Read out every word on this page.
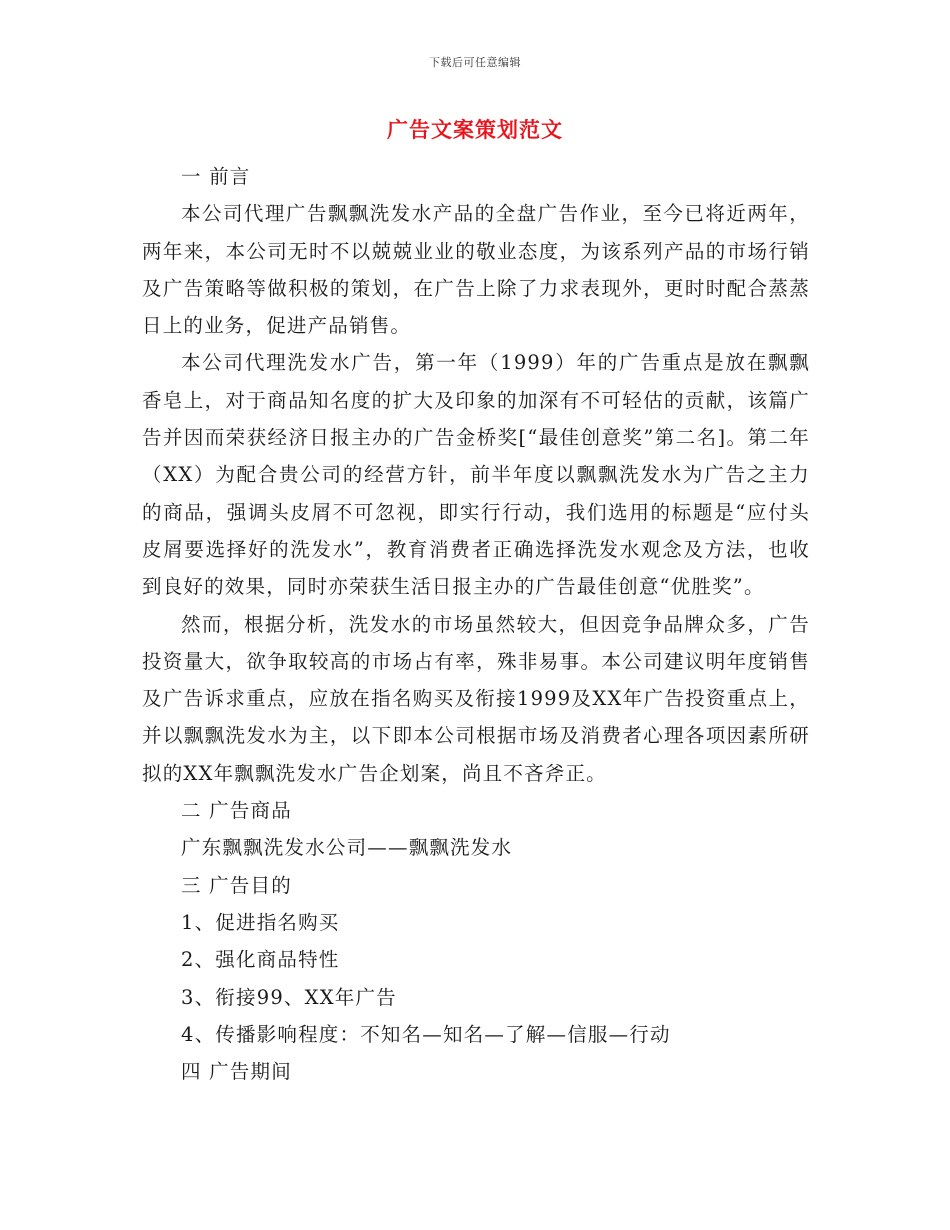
下载后可任意编辑
广告文案策划范文

一 前言

本公司代理广告飘飘洗发水产品的全盘广告作业，至今已将近两年，两年来，本公司无时不以兢兢业业的敬业态度，为该系列产品的市场行销及广告策略等做积极的策划，在广告上除了力求表现外，更时时配合蒸蒸日上的业务，促进产品销售。

本公司代理洗发水广告，第一年（1999）年的广告重点是放在飘飘香皂上，对于商品知名度的扩大及印象的加深有不可轻估的贡献，该篇广告并因而荣获经济日报主办的广告金桥奖[“最佳创意奖”第二名]。第二年（XX）为配合贵公司的经营方针，前半年度以飘飘洗发水为广告之主力的商品，强调头皮屑不可忽视，即实行行动，我们选用的标题是“应付头皮屑要选择好的洗发水”，教育消费者正确选择洗发水观念及方法，也收到良好的效果，同时亦荣获生活日报主办的广告最佳创意“优胜奖”。

然而，根据分析，洗发水的市场虽然较大，但因竞争品牌众多，广告投资量大，欲争取较高的市场占有率，殊非易事。本公司建议明年度销售及广告诉求重点，应放在指名购买及衔接1999及XX年广告投资重点上，并以飘飘洗发水为主，以下即本公司根据市场及消费者心理各项因素所研拟的XX年飘飘洗发水广告企划案，尚且不吝斧正。

二 广告商品

广东飘飘洗发水公司——飘飘洗发水

三 广告目的

1、促进指名购买

2、强化商品特性

3、衔接99、XX年广告

4、传播影响程度：不知名—知名—了解—信服—行动

四 广告期间
